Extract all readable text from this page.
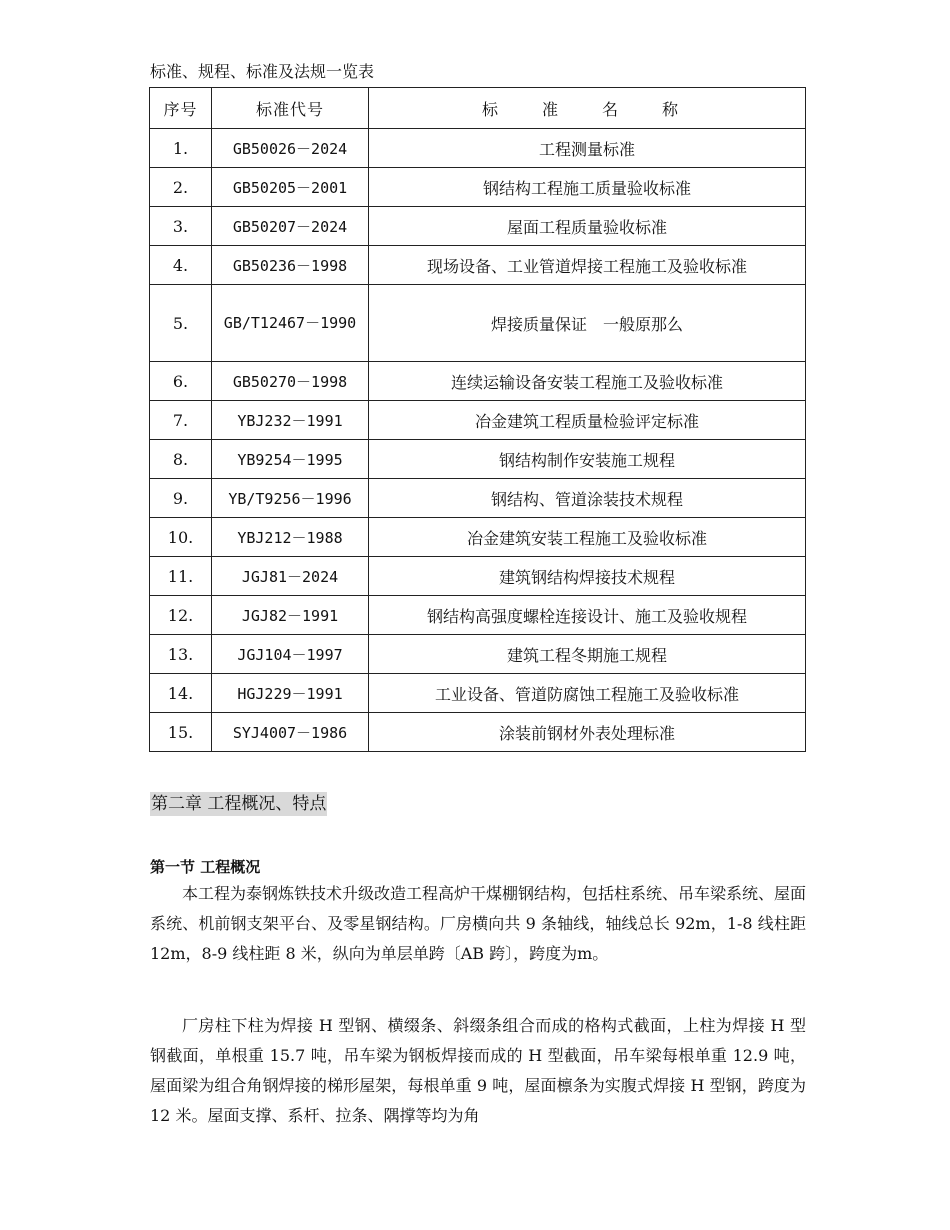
标准、规程、标准及法规一览表
序号	标准代号	标　准　名　称
1.	GB50026－2024	工程测量标准
2.	GB50205－2001	钢结构工程施工质量验收标准
3.	GB50207－2024	屋面工程质量验收标准
4.	GB50236－1998	现场设备、工业管道焊接工程施工及验收标准
5.	GB/T12467－1990	焊接质量保证　一般原那么
6.	GB50270－1998	连续运输设备安装工程施工及验收标准
7.	YBJ232－1991	冶金建筑工程质量检验评定标准
8.	YB9254－1995	钢结构制作安装施工规程
9.	YB/T9256－1996	钢结构、管道涂装技术规程
10.	YBJ212－1988	冶金建筑安装工程施工及验收标准
11.	JGJ81－2024	建筑钢结构焊接技术规程
12.	JGJ82－1991	钢结构高强度螺栓连接设计、施工及验收规程
13.	JGJ104－1997	建筑工程冬期施工规程
14.	HGJ229－1991	工业设备、管道防腐蚀工程施工及验收标准
15.	SYJ4007－1986	涂装前钢材外表处理标准
第二章 工程概况、特点
第一节 工程概况

本工程为泰钢炼铁技术升级改造工程高炉干煤棚钢结构，包括柱系统、吊车梁系统、屋面系统、机前钢支架平台、及零星钢结构。厂房横向共 9 条轴线，轴线总长 92m，1-8 线柱距 12m，8-9 线柱距 8 米，纵向为单层单跨〔AB 跨〕，跨度为m。

厂房柱下柱为焊接 H 型钢、横缀条、斜缀条组合而成的格构式截面，上柱为焊接 H 型钢截面，单根重 15.7 吨，吊车梁为钢板焊接而成的 H 型截面，吊车梁每根单重 12.9 吨，屋面梁为组合角钢焊接的梯形屋架，每根单重 9 吨，屋面檩条为实腹式焊接 H 型钢，跨度为 12 米。屋面支撑、系杆、拉条、隅撑等均为角
